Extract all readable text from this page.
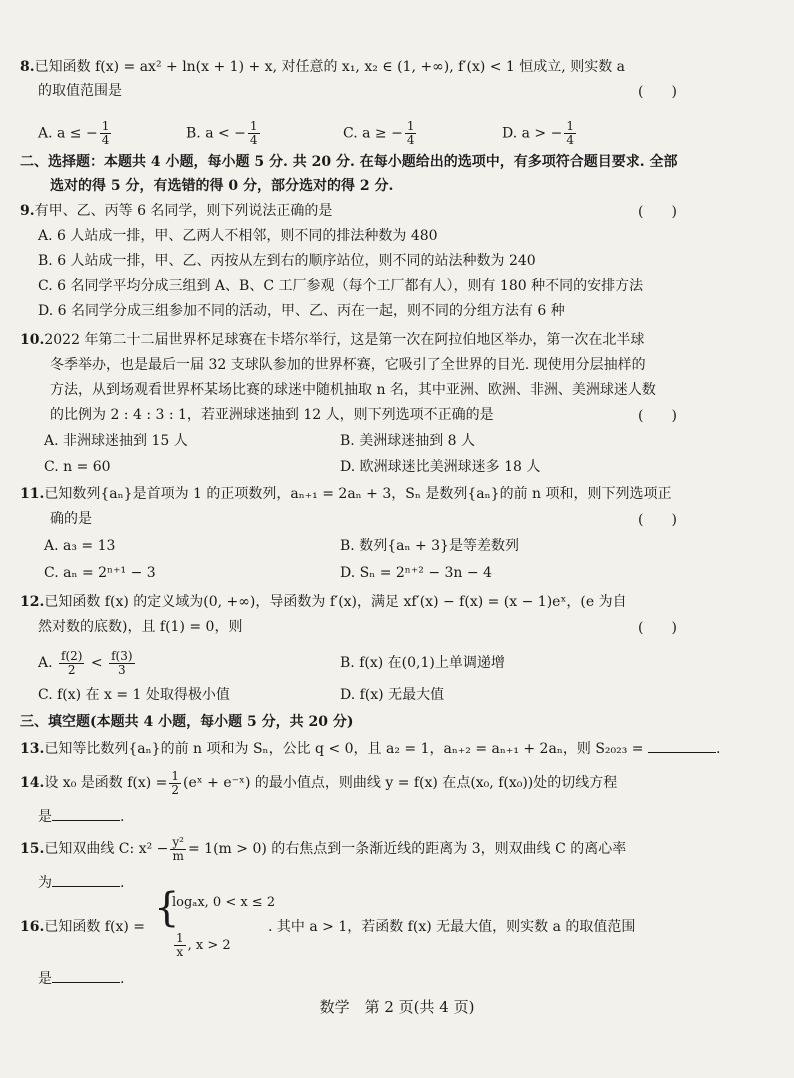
8.已知函数 f(x) = ax² + ln(x + 1) + x, 对任意的 x₁, x₂ ∈ (1, +∞), f′(x) < 1 恒成立, 则实数 a
的取值范围是	(　　)
A. a ≤ − $\frac{1}{4}$	B. a < − $\frac{1}{4}$	C. a ≥ − $\frac{1}{4}$	D. a > − $\frac{1}{4}$
二、选择题：本题共 4 小题，每小题 5 分. 共 20 分. 在每小题给出的选项中，有多项符合题目要求. 全部
选对的得 5 分，有选错的得 0 分，部分选对的得 2 分.
9.有甲、乙、丙等 6 名同学，则下列说法正确的是	(　　)
A. 6 人站成一排，甲、乙两人不相邻，则不同的排法种数为 480
B. 6 人站成一排，甲、乙、丙按从左到右的顺序站位，则不同的站法种数为 240
C. 6 名同学平均分成三组到 A、B、C 工厂参观（每个工厂都有人），则有 180 种不同的安排方法
D. 6 名同学分成三组参加不同的活动，甲、乙、丙在一起，则不同的分组方法有 6 种
10.2022 年第二十二届世界杯足球赛在卡塔尔举行，这是第一次在阿拉伯地区举办，第一次在北半球
冬季举办，也是最后一届 32 支球队参加的世界杯赛，它吸引了全世界的目光. 现使用分层抽样的
方法，从到场观看世界杯某场比赛的球迷中随机抽取 n 名，其中亚洲、欧洲、非洲、美洲球迷人数
的比例为 2 : 4 : 3 : 1，若亚洲球迷抽到 12 人，则下列选项不正确的是	(　　)
A. 非洲球迷抽到 15 人	B. 美洲球迷抽到 8 人
C. n = 60	D. 欧洲球迷比美洲球迷多 18 人
11.已知数列{aₙ}是首项为 1 的正项数列，aₙ₊₁ = 2aₙ + 3，Sₙ 是数列{aₙ}的前 n 项和，则下列选项正
确的是	(　　)
A. a₃ = 13	B. 数列{aₙ + 3}是等差数列
C. aₙ = 2ⁿ⁺¹ − 3	D. Sₙ = 2ⁿ⁺² − 3n − 4
12.已知函数 f(x) 的定义域为(0, +∞)，导函数为 f′(x)，满足 xf′(x) − f(x) = (x − 1)eˣ，(e 为自
然对数的底数)，且 f(1) = 0，则	(　　)
A. $\frac{f(2)}{2} < \frac{f(3)}{3}$	B. f(x) 在(0,1)上单调递增
C. f(x) 在 x = 1 处取得极小值	D. f(x) 无最大值
三、填空题(本题共 4 小题，每小题 5 分，共 20 分)
13.已知等比数列{aₙ}的前 n 项和为 Sₙ，公比 q < 0，且 a₂ = 1，aₙ₊₂ = aₙ₊₁ + 2aₙ，则 S₂₀₂₃ =	.
14.设 x₀ 是函数 $f(x) = \frac{1}{2}$ (eˣ + e⁻ˣ) 的最小值点，则曲线 y = f(x) 在点(x₀, f(x₀))处的切线方程
是	.
15.已知双曲线 C: $x^2 - \frac{\text{y²}}{m} = 1(m > 0)$ 的右焦点到一条渐近线的距离为 3，则双曲线 C 的离心率
为	.
16.已知函数 f(x) = {
logₐx, 0 < x ≤ 2
$\frac{1}{x}$ , x > 2
. 其中 a > 1，若函数 f(x) 无最大值，则实数 a 的取值范围
是	.
数学　第 2 页(共 4 页)
